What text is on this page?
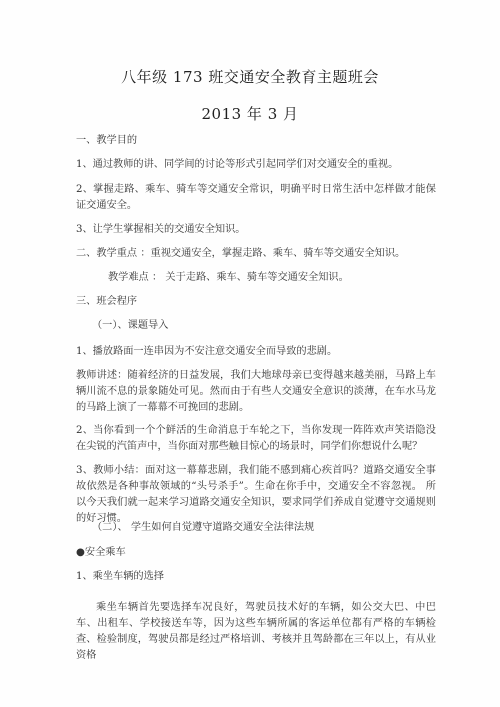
八年级 173 班交通安全教育主题班会
2013 年 3 月
一、教学目的
1、通过教师的讲、同学间的讨论等形式引起同学们对交通安全的重视。
2、掌握走路、乘车、骑车等交通安全常识，明确平时日常生活中怎样做才能保证交通安全。
3、让学生掌握相关的交通安全知识。
二、教学重点 ：重视交通安全，掌握走路、乘车、骑车等交通安全知识。
教学难点 ： 关于走路、乘车、骑车等交通安全知识。
三、班会程序
（一）、课题导入
1、播放路面一连串因为不安注意交通安全而导致的悲剧。
教师讲述：随着经济的日益发展，我们大地球母亲已变得越来越美丽，马路上车辆川流不息的景象随处可见。然而由于有些人交通安全意识的淡薄，在车水马龙的马路上演了一幕幕不可挽回的悲剧。
2、当你看到一个个鲜活的生命消息于车轮之下，当你发现一阵阵欢声笑语隐没在尖锐的汽笛声中，当你面对那些触目惊心的场景时，同学们你想说什么呢？
3、教师小结：面对这一幕幕悲剧，我们能不感到痛心疾首吗？道路交通安全事故依然是各种事故领域的“头号杀手”。生命在你手中，交通安全不容忽视。 所以今天我们就一起来学习道路交通安全知识，要求同学们养成自觉遵守交通规则的好习惯。
（二）、 学生如何自觉遵守道路交通安全法律法规
●安全乘车
1、乘坐车辆的选择
乘坐车辆首先要选择车况良好，驾驶员技术好的车辆，如公交大巴、中巴车、出租车、学校接送车等，因为这些车辆所属的客运单位都有严格的车辆检查、检验制度，驾驶员都是经过严格培训、考核并且驾龄都在三年以上，有从业资格
